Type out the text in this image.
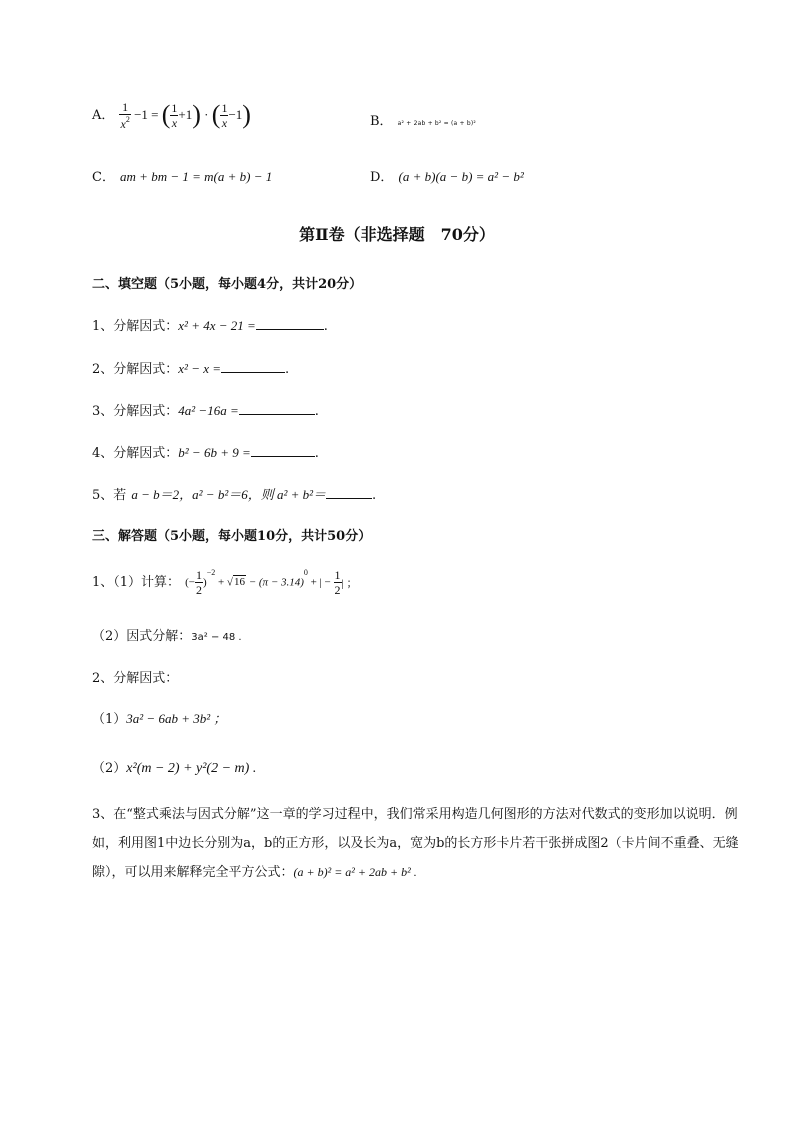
A． $\frac{1}{x^2} -1$ = ( $\frac{1}{x} +1$) · ( $\frac{1}{x} -1$)	B． a² + 2ab + b² = (a + b)²
C． am + bm − 1 = m(a + b) − 1	D． (a + b)(a − b) = a² − b²
第Ⅱ卷（非选择题　70分）
二、填空题（5小题，每小题4分，共计20分）
1、分解因式：x² + 4x − 21 =	.
2、分解因式：x² − x =	.
3、分解因式：4a² −16a =	.
4、分解因式：b² − 6b + 9 =	.
5、若 a − b＝2，a² − b²＝6，则 a² + b²＝	.
三、解答题（5小题，每小题10分，共计50分）
1、（1）计算： (− $\frac{1}{2} )^{-2} + √16 - (\pi - 3.14)^0$ + | − $\frac{1}{2}$ | ；
（2）因式分解：3a² − 48 .
2、分解因式：
（1）3a² − 6ab + 3b² ；
（2）x²(m − 2) + y²(2 − m) .
3、在“整式乘法与因式分解”这一章的学习过程中，我们常采用构造几何图形的方法对代数式的变形加以说明．例如，利用图1中边长分别为a，b的正方形，以及长为a，宽为b的长方形卡片若干张拼成图2（卡片间不重叠、无缝隙），可以用来解释完全平方公式：(a + b)² = a² + 2ab + b² .
